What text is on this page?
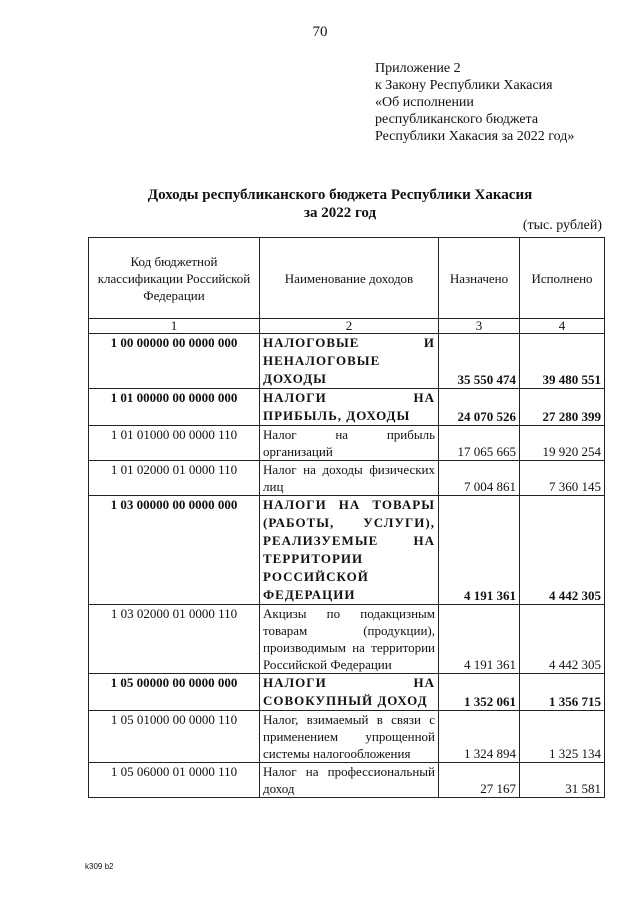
70
Приложение 2
к Закону Республики Хакасия
«Об исполнении
республиканского бюджета
Республики Хакасия за 2022 год»
Доходы республиканского бюджета Республики Хакасия
за 2022 год
(тыс. рублей)
Код бюджетной классификации Российской Федерации	Наименование доходов	Назначено	Исполнено
1	2	3	4
1 00 00000 00 0000 000	НАЛОГОВЫЕ И НЕНАЛОГОВЫЕ ДОХОДЫ	35 550 474	39 480 551
1 01 00000 00 0000 000	НАЛОГИ НА ПРИБЫЛЬ, ДОХОДЫ	24 070 526	27 280 399
1 01 01000 00 0000 110	Налог на прибыль организаций	17 065 665	19 920 254
1 01 02000 01 0000 110	Налог на доходы физических лиц	7 004 861	7 360 145
1 03 00000 00 0000 000	НАЛОГИ НА ТОВАРЫ (РАБОТЫ, УСЛУГИ), РЕАЛИЗУЕМЫЕ НА ТЕРРИТОРИИ РОССИЙСКОЙ ФЕДЕРАЦИИ	4 191 361	4 442 305
1 03 02000 01 0000 110	Акцизы по подакцизным товарам (продукции), производимым на территории Российской Федерации	4 191 361	4 442 305
1 05 00000 00 0000 000	НАЛОГИ НА СОВОКУПНЫЙ ДОХОД	1 352 061	1 356 715
1 05 01000 00 0000 110	Налог, взимаемый в связи с применением упрощенной системы налогообложения	1 324 894	1 325 134
1 05 06000 01 0000 110	Налог на профессиональный доход	27 167	31 581
k309 b2
